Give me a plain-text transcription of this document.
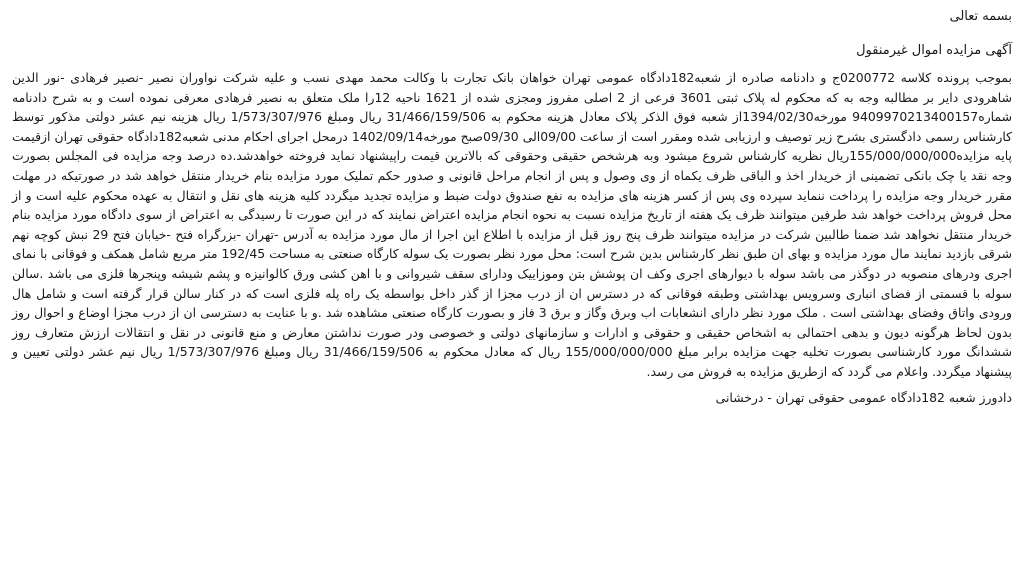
بسمه تعالی

آگهی مزایده اموال غیرمنقول

بموجب پرونده کلاسه 0200772ج و دادنامه صادره از شعبه182دادگاه عمومی تهران خواهان بانک تجارت با وکالت محمد مهدی نسب و علیه شرکت نواوران نصیر -نصیر فرهادی -نور الدین شاهرودی دایر بر مطالبه وجه به که محکوم له پلاک ثبتی 3601 فرعی از 2 اصلی مفروز ومجزی شده از 1621 ناحیه 12را ملک متعلق به نصیر فرهادی معرفی نموده است و به شرح دادنامه شماره9409970213400157 مورخه1394/02/30از شعبه فوق الذکر پلاک معادل هزینه محکوم به 31/466/159/506 ریال ومبلغ 1/573/307/976 ریال هزینه نیم عشر دولتی مذکور توسط کارشناس رسمی دادگستری بشرح زیر توصیف و ارزیابی شده ومقرر است از ساعت 09/00الی 09/30صبح مورخه1402/09/14 درمحل اجرای احکام مدنی شعبه182دادگاه حقوقی تهران ازقیمت پایه مزایده155/000/000/000ریال نظریه کارشناس شروع میشود وبه هرشخص حقیقی وحقوقی که بالاترین قیمت راپیشنهاد نماید فروخته خواهدشد.ده درصد وجه مزایده فی المجلس بصورت وجه نقد یا چک بانکی تضمینی از خریدار اخذ و الباقی ظرف یکماه از وی وصول و پس از انجام مراحل قانونی و صدور حکم تملیک مورد مزایده بنام خریدار منتقل خواهد شد در صورتیکه در مهلت مقرر خریدار وجه مزایده را پرداخت ننماید سپرده وی پس از کسر هزینه های مزایده به نفع صندوق دولت ضبط و مزایده تجدید میگردد کلیه هزینه های نقل و انتقال به عهده محکوم علیه است و از محل فروش پرداخت خواهد شد طرفین میتوانند ظرف یک هفته از تاریخ مزایده نسبت به نحوه انجام مزایده اعتراض نمایند که در این صورت تا رسیدگی به اعتراض از سوی دادگاه مورد مزایده بنام خریدار منتقل نخواهد شد ضمنا طالبین شرکت در مزایده میتوانند ظرف پنج روز قبل از مزایده با اطلاع این اجرا از مال مورد مزایده به آدرس -تهران -بزرگراه فتح -خیابان فتح 29 نبش کوچه نهم شرقی بازدید نمایند مال مورد مزایده و بهای ان طبق نظر کارشناس بدین شرح است: محل مورد نظر بصورت یک سوله کارگاه صنعتی به مساحت 192/45 متر مربع شامل همکف و فوقانی با نمای اجری ودرهای منصوبه در دوگذر می باشد سوله با دیوارهای اجری وکف ان پوشش بتن وموزاییک ودارای سقف شیروانی و با اهن کشی ورق کالوانیزه و پشم شیشه وپنجرها فلزی می باشد .سالن سوله با قسمتی از فضای انباری وسرویس بهداشتی وطبقه فوقانی که در دسترس ان از درب مجزا از گذر داخل بواسطه یک راه پله فلزی است که در کنار سالن قرار گرفته است و شامل هال ورودی واتاق وفضای بهداشتی است . ملک مورد نظر دارای انشعابات اب وبرق وگاز و برق 3 فاز و بصورت کارگاه صنعتی مشاهده شد .و با عنایت به دسترسی ان از درب مجزا اوضاع و احوال روز بدون لحاظ هرگونه دیون و بدهی احتمالی به اشخاص حقیقی و حقوقی و ادارات و سازمانهای دولتی و خصوصی ودر صورت نداشتن معارض و منع قانونی در نقل و انتقالات ارزش متعارف روز ششدانگ مورد کارشناسی بصورت تخلیه جهت مزایده برابر مبلغ 155/000/000/000 ریال که معادل محکوم به 31/466/159/506 ریال ومبلغ 1/573/307/976 ریال نیم عشر دولتی تعیین و پیشنهاد میگردد. واعلام می گردد که ازطریق مزایده به فروش می رسد.

دادورز شعبه 182دادگاه عمومی حقوقی تهران - درخشانی
